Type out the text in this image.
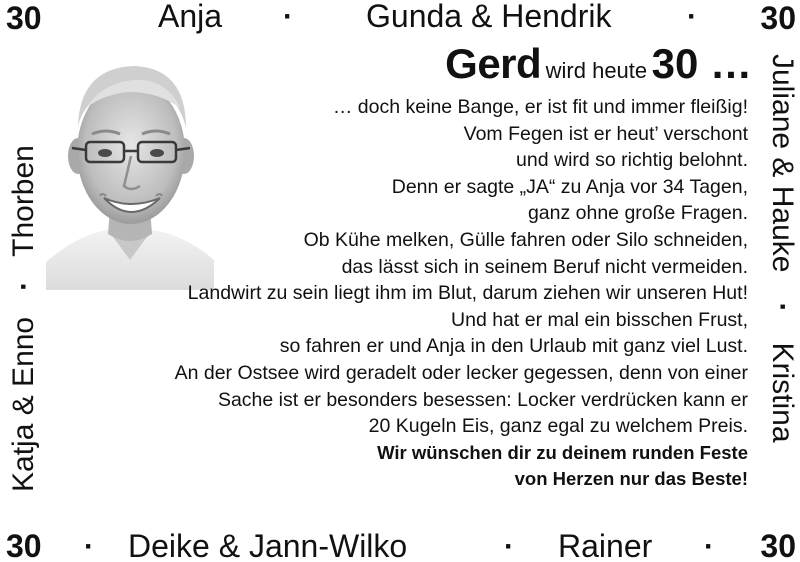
30	30
30	30
Anja · Gunda & Hendrik	·
· Deike & Jann-Wilko	· Rainer ·
Katja & Enno·Thorben	Juliane & Hauke·Kristina
Gerd wird heute 30 …
… doch keine Bange, er ist fit und immer fleißig!
Vom Fegen ist er heut’ verschont
und wird so richtig belohnt.
Denn er sagte „JA“ zu Anja vor 34 Tagen,
ganz ohne große Fragen.
Ob Kühe melken, Gülle fahren oder Silo schneiden,
das lässt sich in seinem Beruf nicht vermeiden.
Landwirt zu sein liegt ihm im Blut, darum ziehen wir unseren Hut!
Und hat er mal ein bisschen Frust,
so fahren er und Anja in den Urlaub mit ganz viel Lust.
An der Ostsee wird geradelt oder lecker gegessen, denn von einer
Sache ist er besonders besessen: Locker verdrücken kann er
20 Kugeln Eis, ganz egal zu welchem Preis.
Wir wünschen dir zu deinem runden Feste
von Herzen nur das Beste!
